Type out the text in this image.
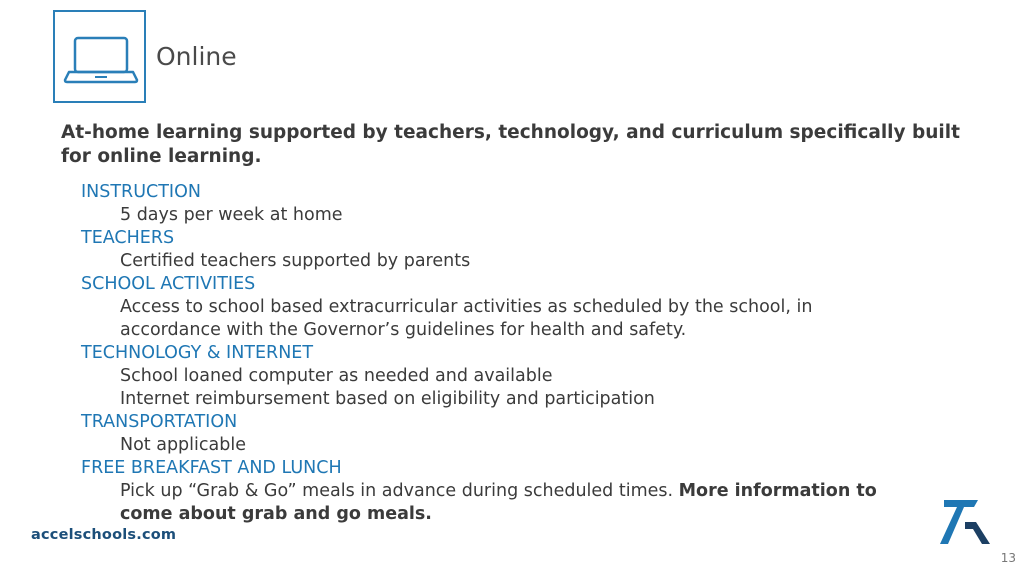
Online
At-home learning supported by teachers, technology, and curriculum specifically built for online learning.
INSTRUCTION
5 days per week at home
TEACHERS
Certified teachers supported by parents
SCHOOL ACTIVITIES
Access to school based extracurricular activities as scheduled by the school, in
accordance with the Governor’s guidelines for health and safety.
TECHNOLOGY & INTERNET
School loaned computer as needed and available
Internet reimbursement based on eligibility and participation
TRANSPORTATION
Not applicable
FREE BREAKFAST AND LUNCH
Pick up “Grab & Go” meals in advance during scheduled times. More information to
come about grab and go meals.
accelschools.com
13
